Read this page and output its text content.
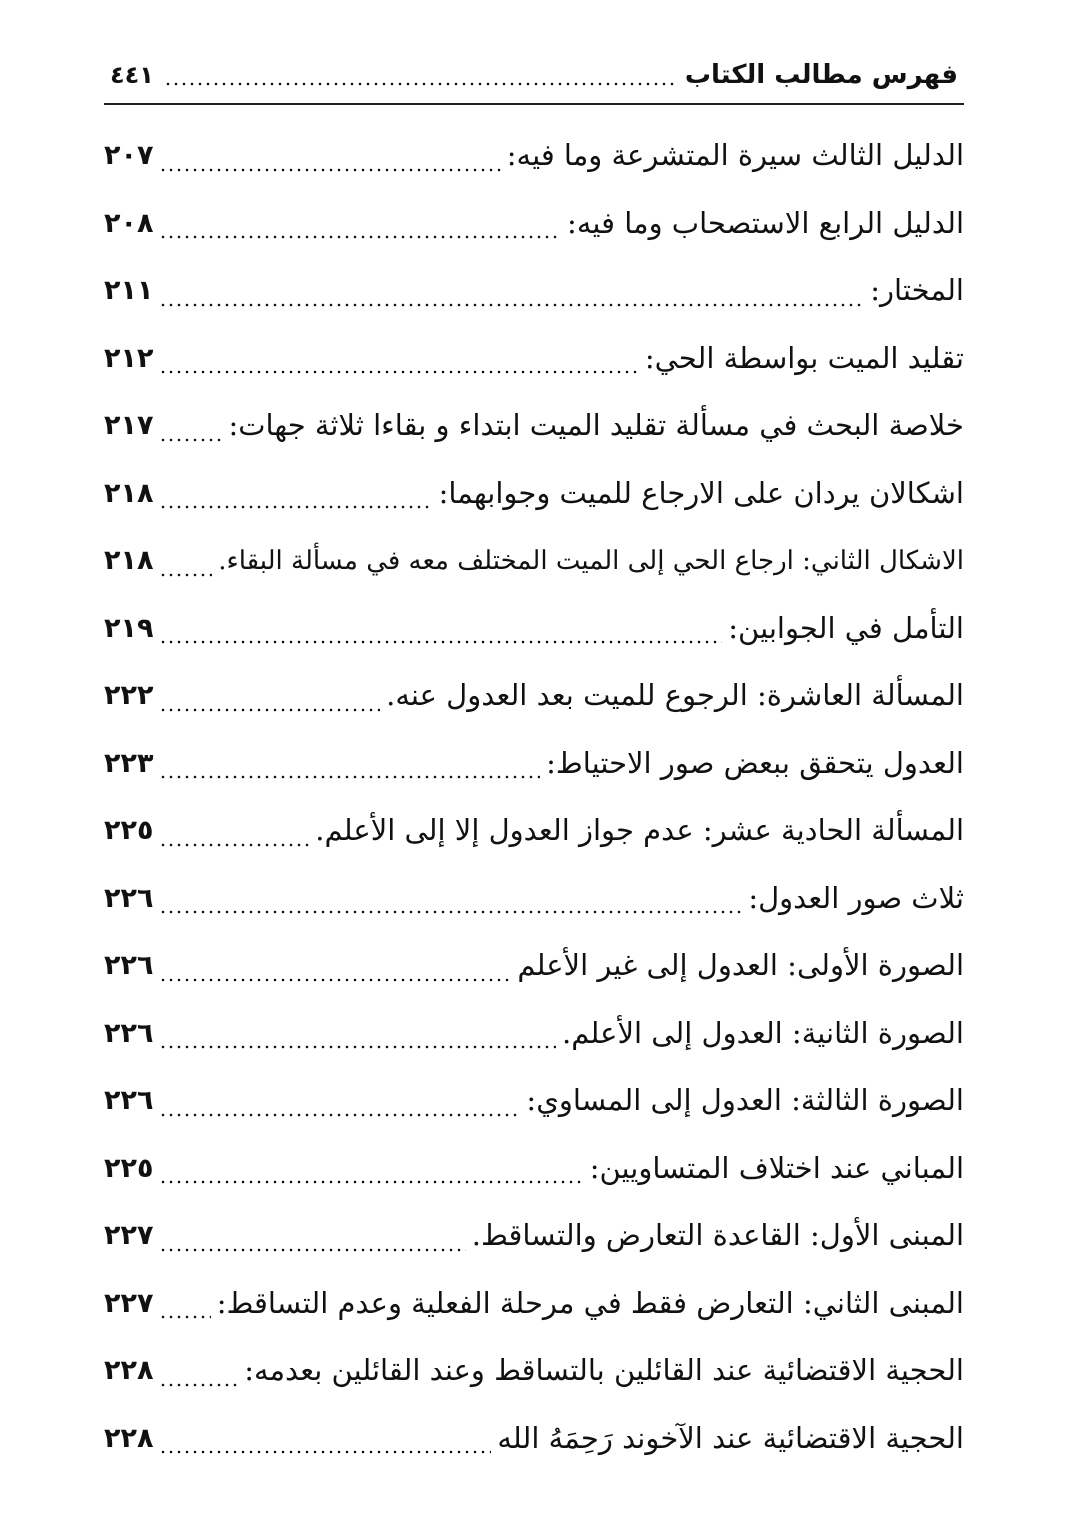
فهرس مطالب الكتاب
٤٤١
الدليل الثالث سيرة المتشرعة وما فيه:
٢٠٧
الدليل الرابع الاستصحاب وما فيه:
٢٠٨
المختار:
٢١١
تقليد الميت بواسطة الحي:
٢١٢
خلاصة البحث في مسألة تقليد الميت ابتداء و بقاءا ثلاثة جهات:
٢١٧
اشكالان يردان على الارجاع للميت وجوابهما:
٢١٨
الاشكال الثاني: ارجاع الحي إلى الميت المختلف معه في مسألة البقاء.
٢١٨
التأمل في الجوابين:
٢١٩
المسألة العاشرة: الرجوع للميت بعد العدول عنه.
٢٢٢
العدول يتحقق ببعض صور الاحتياط:
٢٢٣
المسألة الحادية عشر: عدم جواز العدول إلا إلى الأعلم.
٢٢٥
ثلاث صور العدول:
٢٢٦
الصورة الأولى: العدول إلى غير الأعلم
٢٢٦
الصورة الثانية: العدول إلى الأعلم.
٢٢٦
الصورة الثالثة: العدول إلى المساوي:
٢٢٦
المباني عند اختلاف المتساويين:
٢٢٥
المبنى الأول: القاعدة التعارض والتساقط.
٢٢٧
المبنى الثاني: التعارض فقط في مرحلة الفعلية وعدم التساقط:
٢٢٧
الحجية الاقتضائية عند القائلين بالتساقط وعند القائلين بعدمه:
٢٢٨
الحجية الاقتضائية عند الآخوند رَحِمَهُ الله
٢٢٨
